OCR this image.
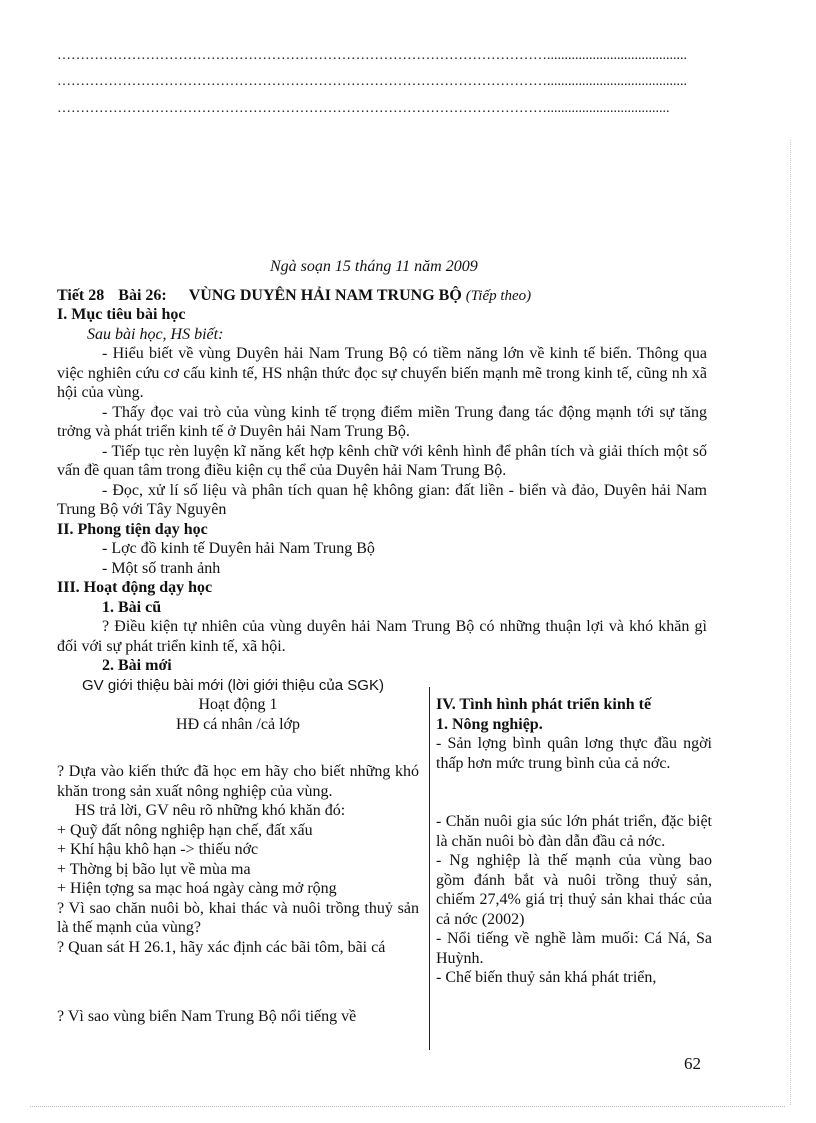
……………………………………………………………………………………………........................................
……………………………………………………………………………………………........................................
……………………………………………………………………………………………...................................
Ngà soạn 15 tháng 11 năm 2009
Tiết 28 Bài 26: VÙNG DUYÊN HẢI NAM TRUNG BỘ (Tiếp theo)

I. Mục tiêu bài học

Sau bài học, HS biết:

- Hiểu biết về vùng Duyên hải Nam Trung Bộ có tiềm năng lớn về kinh tế biển. Thông qua việc nghiên cứu cơ cấu kinh tế, HS nhận thức đọc sự chuyển biến mạnh mẽ trong kinh tế, cũng nh xã hội của vùng.

- Thấy đọc vai trò của vùng kinh tế trọng điểm miền Trung đang tác động mạnh tới sự tăng trởng và phát triển kinh tế ở Duyên hải Nam Trung Bộ.

- Tiếp tục rèn luyện kĩ năng kết hợp kênh chữ với kênh hình để phân tích và giải thích một số vấn đề quan tâm trong điều kiện cụ thể của Duyên hải Nam Trung Bộ.

- Đọc, xử lí số liệu và phân tích quan hệ không gian: đất liền - biển và đảo, Duyên hải Nam Trung Bộ với Tây Nguyên

II. Phong tiện dạy học

- Lợc đồ kinh tế Duyên hải Nam Trung Bộ

- Một số tranh ảnh

III. Hoạt động dạy học

1. Bài cũ

? Điều kiện tự nhiên của vùng duyên hải Nam Trung Bộ có những thuận lợi và khó khăn gì đối với sự phát triển kinh tế, xã hội.

2. Bài mới

GV giới thiệu bài mới (lời giới thiệu của SGK)

Hoạt động 1

HĐ cá nhân /cả lớp

? Dựa vào kiến thức đã học em hãy cho biết những khó khăn trong sản xuất nông nghiệp của vùng.

HS trả lời, GV nêu rõ những khó khăn đó:

+ Quỹ đất nông nghiệp hạn chế, đất xấu

+ Khí hậu khô hạn -> thiếu nớc

+ Thờng bị bão lụt về mùa ma

+ Hiện tợng sa mạc hoá ngày càng mở rộng

? Vì sao chăn nuôi bò, khai thác và nuôi trồng thuỷ sản là thế mạnh của vùng?

? Quan sát H 26.1, hãy xác định các bãi tôm, bãi cá

? Vì sao vùng biển Nam Trung Bộ nổi tiếng về

IV. Tình hình phát triển kinh tế

1. Nông nghiệp.

- Sản lợng bình quân lơng thực đầu ngời thấp hơn mức trung bình của cả nớc.

- Chăn nuôi gia súc lớn phát triển, đặc biệt là chăn nuôi bò đàn dẫn đầu cả nớc.

- Ng nghiệp là thế mạnh của vùng bao gồm đánh bắt và nuôi trồng thuỷ sản, chiếm 27,4% giá trị thuỷ sản khai thác của cả nớc (2002)

- Nổi tiếng về nghề làm muối: Cá Ná, Sa Huỳnh.

- Chế biến thuỷ sản khá phát triển,

62
